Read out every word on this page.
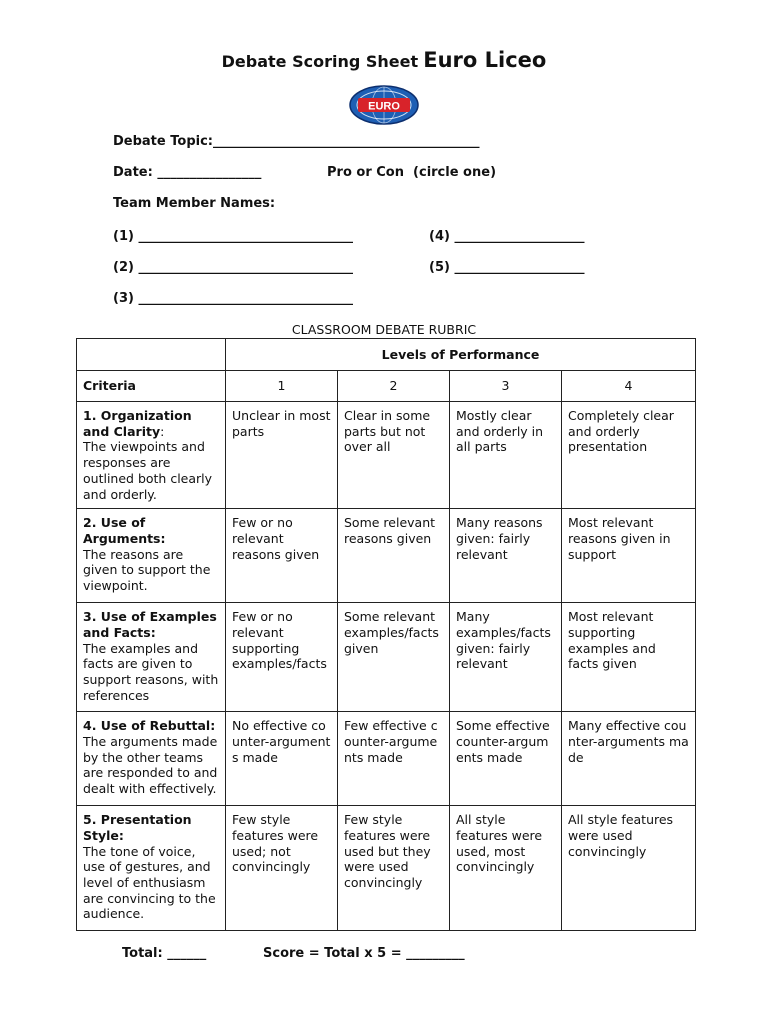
Debate Scoring Sheet Euro Liceo
EURO
Debate Topic:_________________________________________
Date: ________________	Pro or Con  (circle one)
Team Member Names:
(1) _________________________________	(4) ____________________
(2) _________________________________	(5) ____________________
(3) _________________________________
CLASSROOM DEBATE RUBRIC
	Levels of Performance			
Criteria	1	2	3	4
1. Organization and Clarity:
The viewpoints and responses are outlined both clearly and orderly.	Unclear in most parts	Clear in some parts but not over all	Mostly clear and orderly in all parts	Completely clear and orderly presentation
2. Use of Arguments:
The reasons are given to support the viewpoint.	Few or no relevant reasons given	Some relevant reasons given	Many reasons given: fairly relevant	Most relevant reasons given in support
3. Use of Examples and Facts:
The examples and facts are given to support reasons, with references	Few or no relevant supporting examples/facts	Some relevant examples/facts given	Many examples/facts given: fairly relevant	Most relevant supporting examples and facts given
4. Use of Rebuttal:
The arguments made by the other teams are responded to and dealt with effectively.	No effective counter-arguments made	Few effective counter-arguments made	Some effective counter-arguments made	Many effective counter-arguments made
5. Presentation Style:
The tone of voice, use of gestures, and level of enthusiasm are convincing to the audience.	Few style features were used; not convincingly	Few style features were used but they were used convincingly	All style features were used, most convincingly	All style features were used convincingly
Total: ______	Score = Total x 5 = _________
